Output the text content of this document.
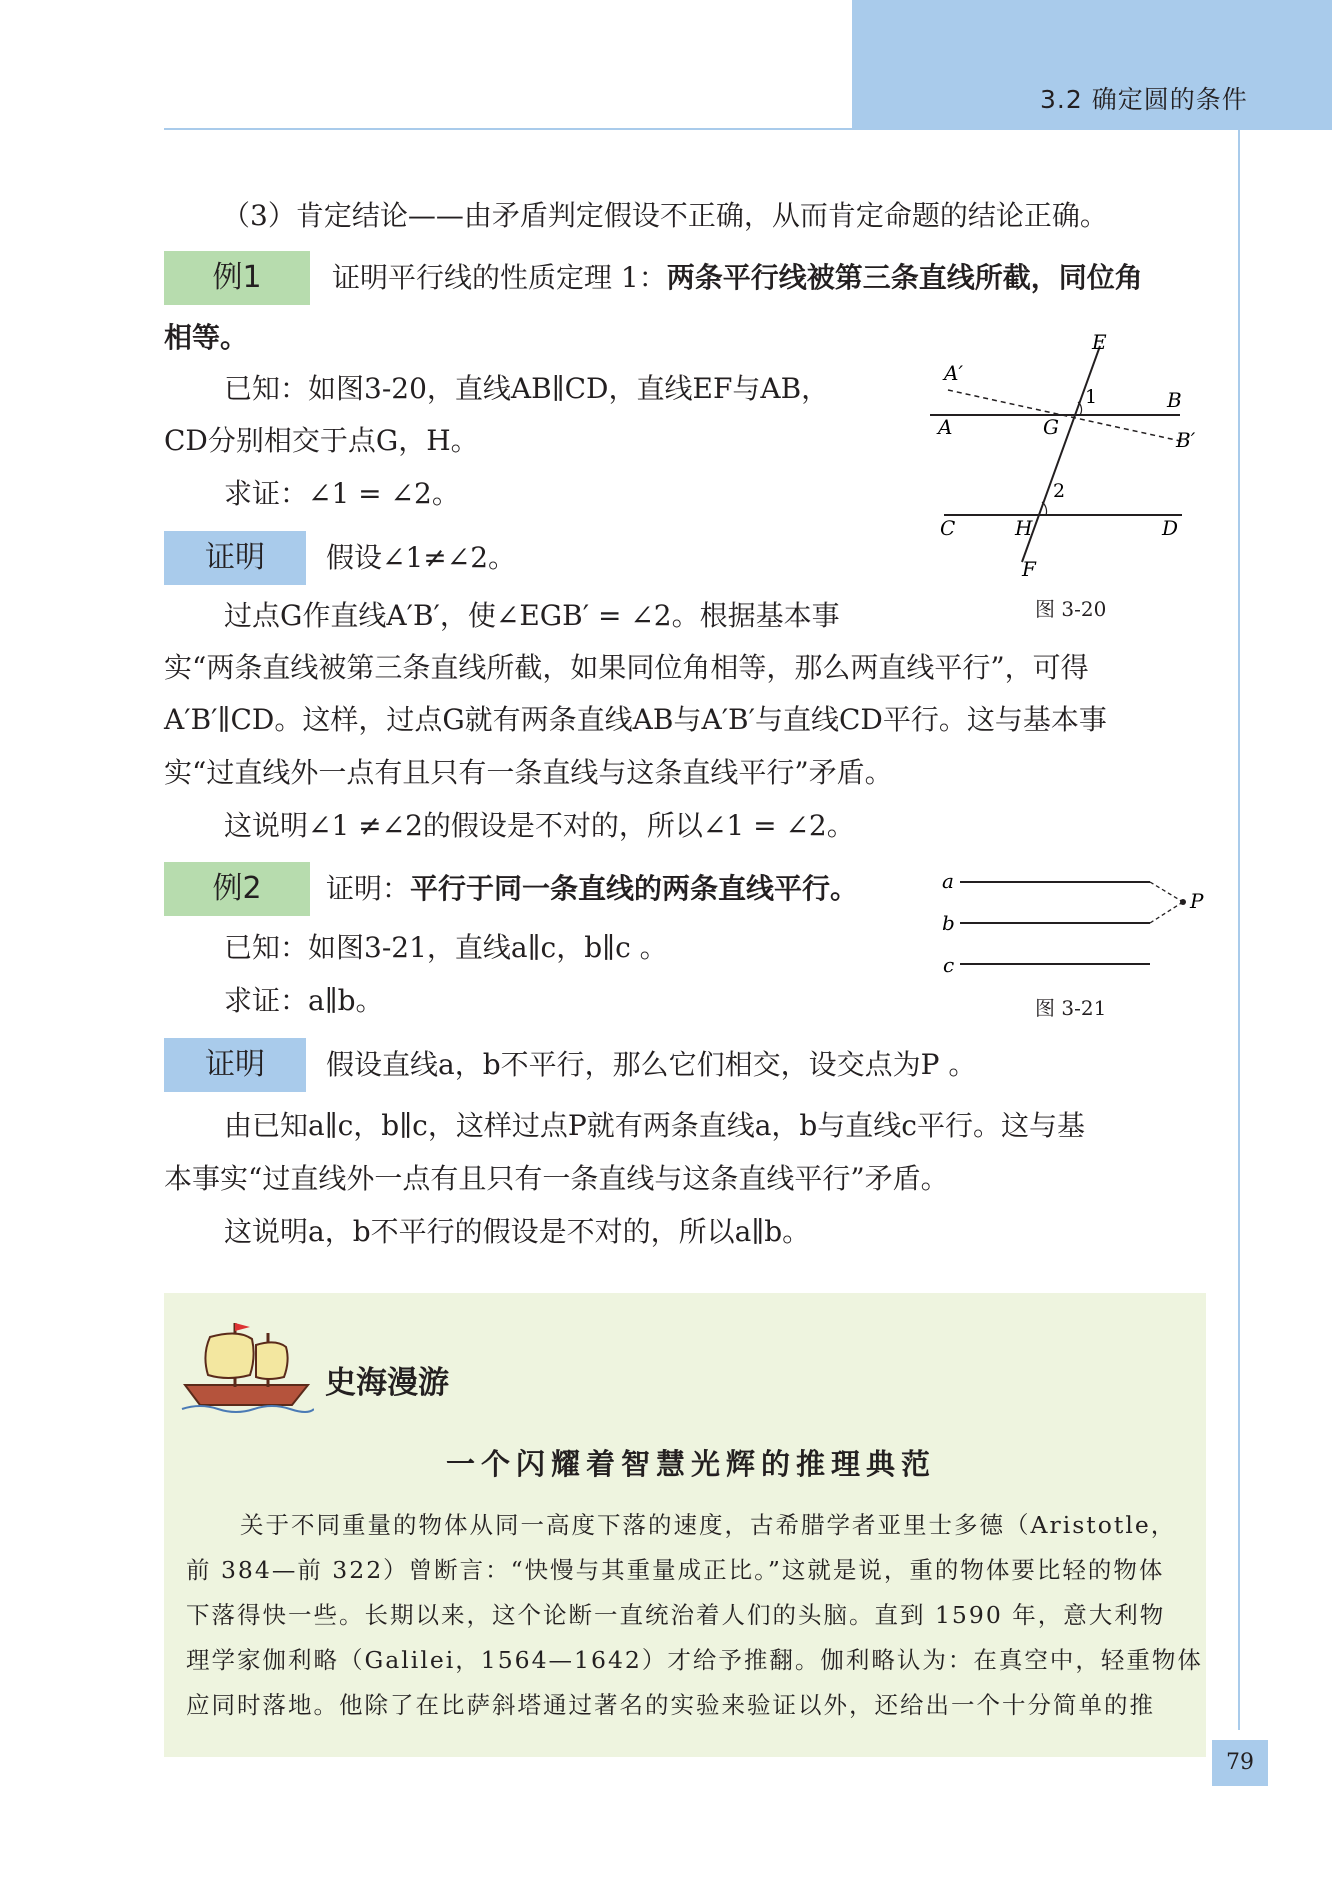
3.2 确定圆的条件
（3）肯定结论——由矛盾判定假设不正确，从而肯定命题的结论正确。
例1	证明平行线的性质定理 1：两条平行线被第三条直线所截，同位角
相等。
已知：如图3-20，直线AB∥CD，直线EF与AB，
CD分别相交于点G，H。
求证：∠1 = ∠2。
E
A′
1	B
A	G
B′
2
C	H	D
F
图 3-20
证明	假设∠1≠∠2。
过点G作直线A′B′，使∠EGB′ = ∠2。根据基本事
实“两条直线被第三条直线所截，如果同位角相等，那么两直线平行”，可得
A′B′∥CD。这样，过点G就有两条直线AB与A′B′与直线CD平行。这与基本事
实“过直线外一点有且只有一条直线与这条直线平行”矛盾。
这说明∠1 ≠∠2的假设是不对的，所以∠1 = ∠2。
例2	证明：平行于同一条直线的两条直线平行。
已知：如图3-21，直线a∥c，b∥c 。
求证：a∥b。
a
b
c
P
图 3-21
证明	假设直线a，b不平行，那么它们相交，设交点为P 。
由已知a∥c，b∥c，这样过点P就有两条直线a，b与直线c平行。这与基
本事实“过直线外一点有且只有一条直线与这条直线平行”矛盾。
这说明a，b不平行的假设是不对的，所以a∥b。
史海漫游
一个闪耀着智慧光辉的推理典范
关于不同重量的物体从同一高度下落的速度，古希腊学者亚里士多德（Aristotle，
前 384—前 322）曾断言：“快慢与其重量成正比。”这就是说，重的物体要比轻的物体
下落得快一些。长期以来，这个论断一直统治着人们的头脑。直到 1590 年，意大利物
理学家伽利略（Galilei，1564—1642）才给予推翻。伽利略认为：在真空中，轻重物体
应同时落地。他除了在比萨斜塔通过著名的实验来验证以外，还给出一个十分简单的推
79
